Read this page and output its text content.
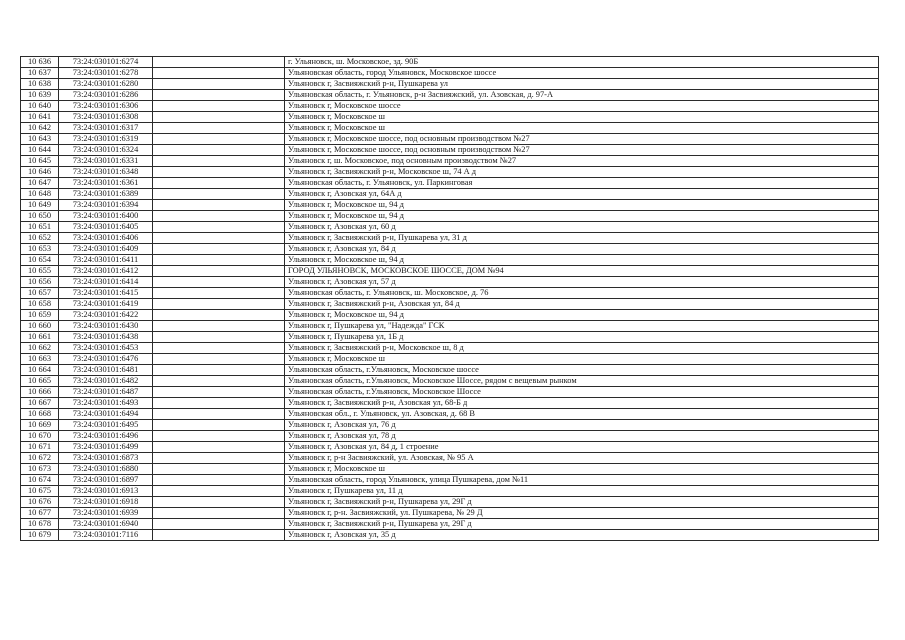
10 636	73:24:030101:6274		г. Ульяновск, ш. Московское, зд. 90Б
10 637	73:24:030101:6278		Ульяновская область, город Ульяновск, Московское шоссе
10 638	73:24:030101:6280		Ульяновск г, Засвияжский р-н, Пушкарева ул
10 639	73:24:030101:6286		Ульяновская область, г. Ульяновск, р-н Засвияжский, ул. Азовская, д. 97-А
10 640	73:24:030101:6306		Ульяновск г, Московское шоссе
10 641	73:24:030101:6308		Ульяновск г, Московское ш
10 642	73:24:030101:6317		Ульяновск г, Московское ш
10 643	73:24:030101:6319		Ульяновск г, Московское шоссе, под основным производством №27
10 644	73:24:030101:6324		Ульяновск г, Московское шоссе, под основным производством №27
10 645	73:24:030101:6331		Ульяновск г, ш. Московское, под основным производством №27
10 646	73:24:030101:6348		Ульяновск г, Засвияжский р-н, Московское ш, 74 А д
10 647	73:24:030101:6361		Ульяновская область, г. Ульяновск, ул. Паркинговая
10 648	73:24:030101:6389		Ульяновск г, Азовская ул, 64А д
10 649	73:24:030101:6394		Ульяновск г, Московское ш, 94 д
10 650	73:24:030101:6400		Ульяновск г, Московское ш, 94 д
10 651	73:24:030101:6405		Ульяновск г, Азовская ул, 60 д
10 652	73:24:030101:6406		Ульяновск г, Засвияжский р-н, Пушкарева ул, 31 д
10 653	73:24:030101:6409		Ульяновск г, Азовская ул, 84 д
10 654	73:24:030101:6411		Ульяновск г, Московское ш, 94 д
10 655	73:24:030101:6412		ГОРОД УЛЬЯНОВСК, МОСКОВСКОЕ ШОССЕ, ДОМ №94
10 656	73:24:030101:6414		Ульяновск г, Азовская ул, 57 д
10 657	73:24:030101:6415		Ульяновская область, г. Ульяновск, ш. Московское, д. 76
10 658	73:24:030101:6419		Ульяновск г, Засвияжский р-н, Азовская ул, 84 д
10 659	73:24:030101:6422		Ульяновск г, Московское ш, 94 д
10 660	73:24:030101:6430		Ульяновск г, Пушкарева ул, "Надежда" ГСК
10 661	73:24:030101:6438		Ульяновск г, Пушкарева ул, 1Б д
10 662	73:24:030101:6453		Ульяновск г, Засвияжский р-н, Московское ш, 8 д
10 663	73:24:030101:6476		Ульяновск г, Московское ш
10 664	73:24:030101:6481		Ульяновская область, г.Ульяновск, Московское шоссе
10 665	73:24:030101:6482		Ульяновская область, г.Ульяновск, Московское Шоссе, рядом с вещевым рынком
10 666	73:24:030101:6487		Ульяновская область, г.Ульяновск, Московское Шоссе
10 667	73:24:030101:6493		Ульяновск г, Засвияжский р-н, Азовская ул, 68-Б д
10 668	73:24:030101:6494		Ульяновская обл., г. Ульяновск, ул. Азовская, д. 68 В
10 669	73:24:030101:6495		Ульяновск г, Азовская ул, 76 д
10 670	73:24:030101:6496		Ульяновск г, Азовская ул, 78 д
10 671	73:24:030101:6499		Ульяновск г, Азовская ул, 84 д, 1 строение
10 672	73:24:030101:6873		Ульяновск г, р-н Засвияжский, ул. Азовская, № 95 А
10 673	73:24:030101:6880		Ульяновск г, Московское ш
10 674	73:24:030101:6897		Ульяновская область, город Ульяновск, улица Пушкарева, дом №11
10 675	73:24:030101:6913		Ульяновск г, Пушкарева ул, 11 д
10 676	73:24:030101:6918		Ульяновск г, Засвияжский р-н, Пушкарева ул, 29Г д
10 677	73:24:030101:6939		Ульяновск г, р-н. Засвияжский, ул. Пушкарева, № 29 Д
10 678	73:24:030101:6940		Ульяновск г, Засвияжский р-н, Пушкарева ул, 29Г д
10 679	73:24:030101:7116		Ульяновск г, Азовская ул, 35 д
